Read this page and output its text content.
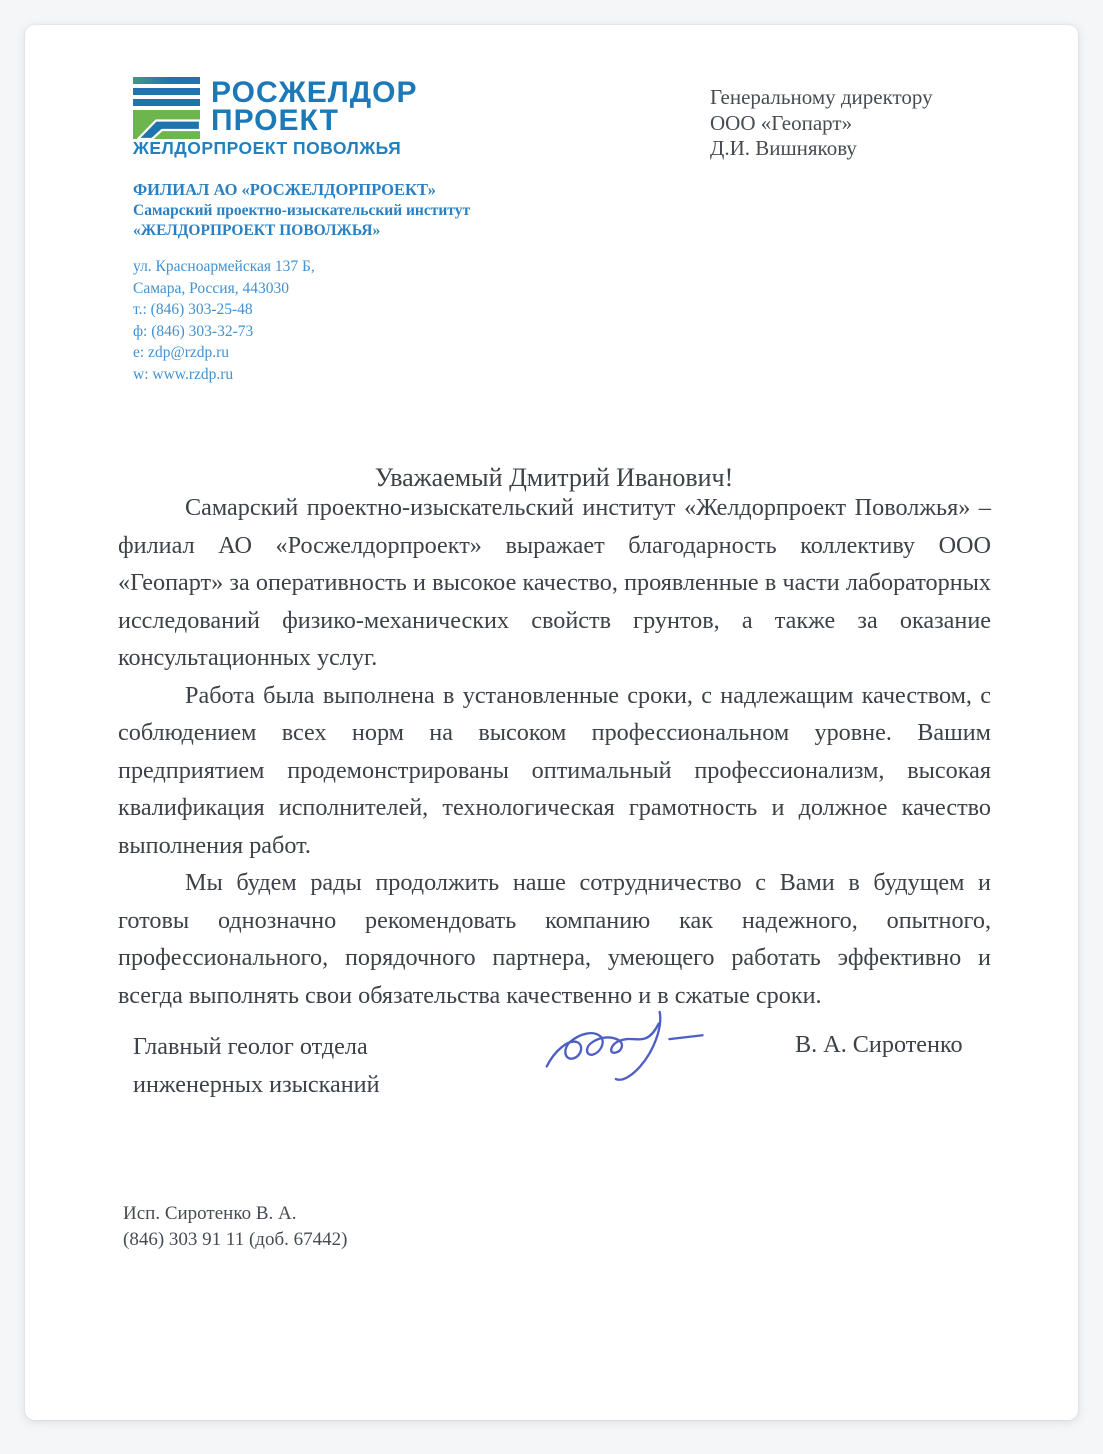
РОСЖЕЛДОР
ПРОЕКТ
ЖЕЛДОРПРОЕКТ ПОВОЛЖЬЯ
ФИЛИАЛ АО «РОСЖЕЛДОРПРОЕКТ»
Самарский проектно-изыскательский институт
«ЖЕЛДОРПРОЕКТ ПОВОЛЖЬЯ»
ул. Красноармейская 137 Б,
Самара, Россия, 443030
т.: (846) 303-25-48
ф: (846) 303-32-73
e: zdp@rzdp.ru
w: www.rzdp.ru
Генеральному директору
ООО «Геопарт»
Д.И. Вишнякову
Уважаемый Дмитрий Иванович!

Самарский проектно-изыскательский институт «Желдорпроект Поволжья» – филиал АО «Росжелдорпроект» выражает благодарность коллективу ООО «Геопарт» за оперативность и высокое качество, проявленные в части лабораторных исследований физико-механических свойств грунтов, а также за оказание консультационных услуг.

Работа была выполнена в установленные сроки, с надлежащим качеством, с соблюдением всех норм на высоком профессиональном уровне. Вашим предприятием продемонстрированы оптимальный профессионализм, высокая квалификация исполнителей, технологическая грамотность и должное качество выполнения работ.

Мы будем рады продолжить наше сотрудничество с Вами в будущем и готовы однозначно рекомендовать компанию как надежного, опытного, профессионального, порядочного партнера, умеющего работать эффективно и всегда выполнять свои обязательства качественно и в сжатые сроки.

Главный геолог отдела
инженерных изысканий
В. А. Сиротенко
Исп. Сиротенко В. А.
(846) 303 91 11 (доб. 67442)
